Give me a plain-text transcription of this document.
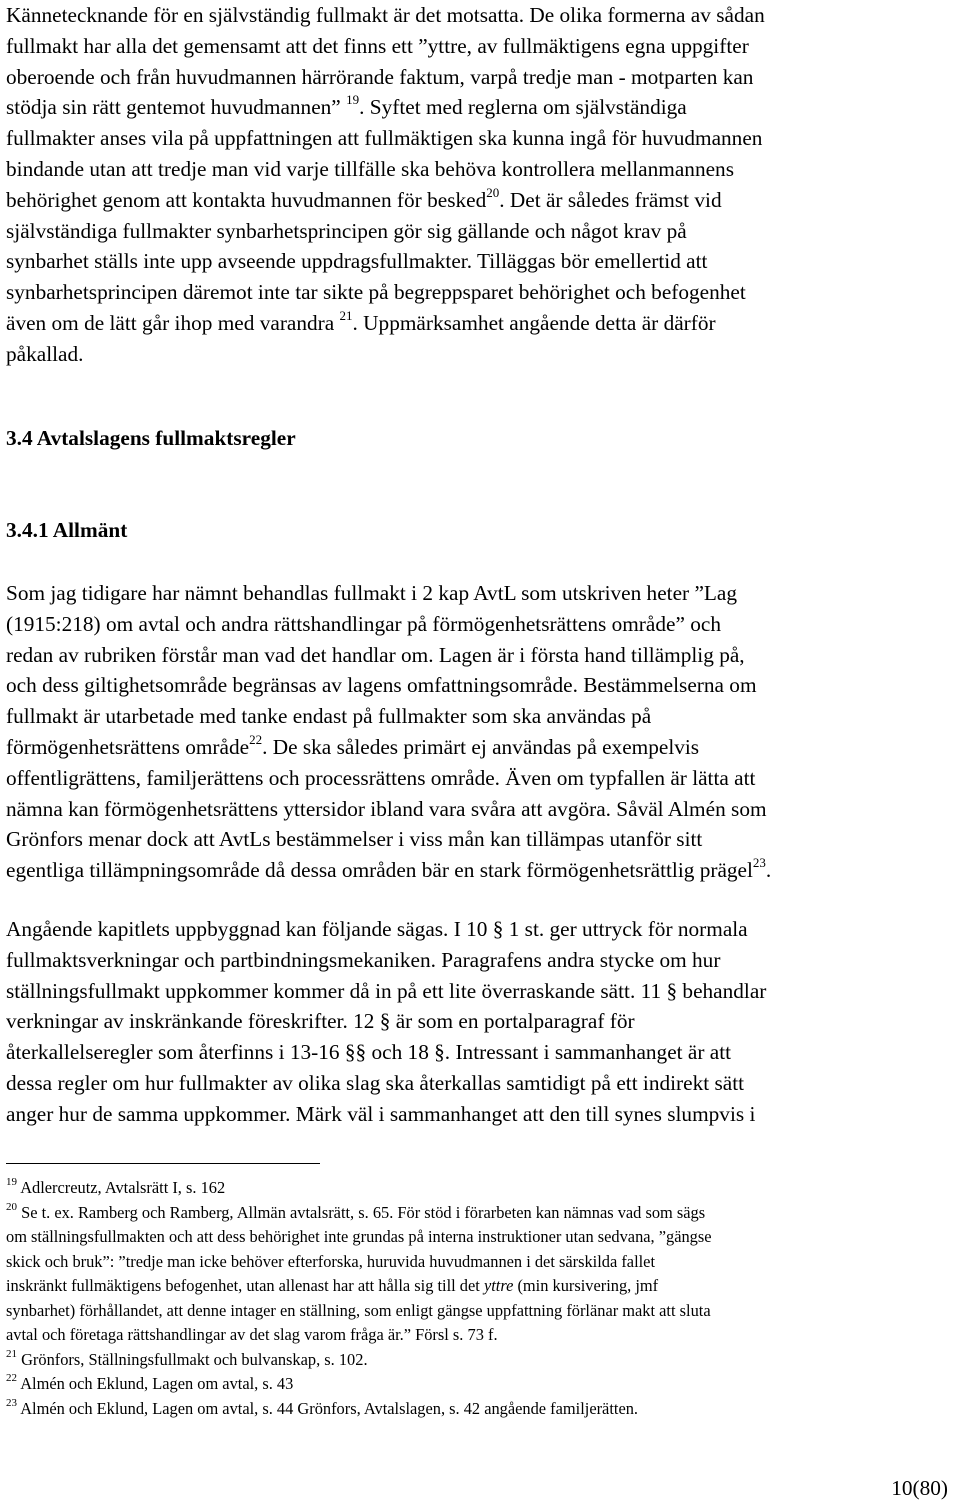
Kännetecknande för en självständig fullmakt är det motsatta. De olika formerna av sådan
fullmakt har alla det gemensamt att det finns ett ”yttre, av fullmäktigens egna uppgifter
oberoende och från huvudmannen härrörande faktum, varpå tredje man - motparten kan
stödja sin rätt gentemot huvudmannen” $^{19}$. Syftet med reglerna om självständiga
fullmakter anses vila på uppfattningen att fullmäktigen ska kunna ingå för huvudmannen
bindande utan att tredje man vid varje tillfälle ska behöva kontrollera mellanmannens
behörighet genom att kontakta huvudmannen för besked$^{20}$. Det är således främst vid
självständiga fullmakter synbarhetsprincipen gör sig gällande och något krav på
synbarhet ställs inte upp avseende uppdragsfullmakter. Tilläggas bör emellertid att
synbarhetsprincipen däremot inte tar sikte på begreppsparet behörighet och befogenhet
även om de lätt går ihop med varandra $^{21}$. Uppmärksamhet angående detta är därför
påkallad.
3.4 Avtalslagens fullmaktsregler
3.4.1 Allmänt
Som jag tidigare har nämnt behandlas fullmakt i 2 kap AvtL som utskriven heter ”Lag
(1915:218) om avtal och andra rättshandlingar på förmögenhetsrättens område” och
redan av rubriken förstår man vad det handlar om. Lagen är i första hand tillämplig på,
och dess giltighetsområde begränsas av lagens omfattningsområde. Bestämmelserna om
fullmakt är utarbetade med tanke endast på fullmakter som ska användas på
förmögenhetsrättens område$^{22}$. De ska således primärt ej användas på exempelvis
offentligrättens, familjerättens och processrättens område. Även om typfallen är lätta att
nämna kan förmögenhetsrättens yttersidor ibland vara svåra att avgöra. Såväl Almén som
Grönfors menar dock att AvtLs bestämmelser i viss mån kan tillämpas utanför sitt
egentliga tillämpningsområde då dessa områden bär en stark förmögenhetsrättlig prägel$^{23}$.
Angående kapitlets uppbyggnad kan följande sägas. I 10 § 1 st. ger uttryck för normala
fullmaktsverkningar och partbindningsmekaniken. Paragrafens andra stycke om hur
ställningsfullmakt uppkommer kommer då in på ett lite överraskande sätt. 11 § behandlar
verkningar av inskränkande föreskrifter. 12 § är som en portalparagraf för
återkallelseregler som återfinns i 13-16 §§ och 18 §. Intressant i sammanhanget är att
dessa regler om hur fullmakter av olika slag ska återkallas samtidigt på ett indirekt sätt
anger hur de samma uppkommer. Märk väl i sammanhanget att den till synes slumpvis i
$^{19}$ Adlercreutz, Avtalsrätt I, s. 162
$^{20}$ Se t. ex. Ramberg och Ramberg, Allmän avtalsrätt, s. 65. För stöd i förarbeten kan nämnas vad som sägs
om ställningsfullmakten och att dess behörighet inte grundas på interna instruktioner utan sedvana, ”gängse
skick och bruk”: ”tredje man icke behöver efterforska, huruvida huvudmannen i det särskilda fallet
inskränkt fullmäktigens befogenhet, utan allenast har att hålla sig till det yttre (min kursivering, jmf
synbarhet) förhållandet, att denne intager en ställning, som enligt gängse uppfattning förlänar makt att sluta
avtal och företaga rättshandlingar av det slag varom fråga är.” Försl s. 73 f.
$^{21}$ Grönfors, Ställningsfullmakt och bulvanskap, s. 102.
$^{22}$ Almén och Eklund, Lagen om avtal, s. 43
$^{23}$ Almén och Eklund, Lagen om avtal, s. 44 Grönfors, Avtalslagen, s. 42 angående familjerätten.
10(80)
